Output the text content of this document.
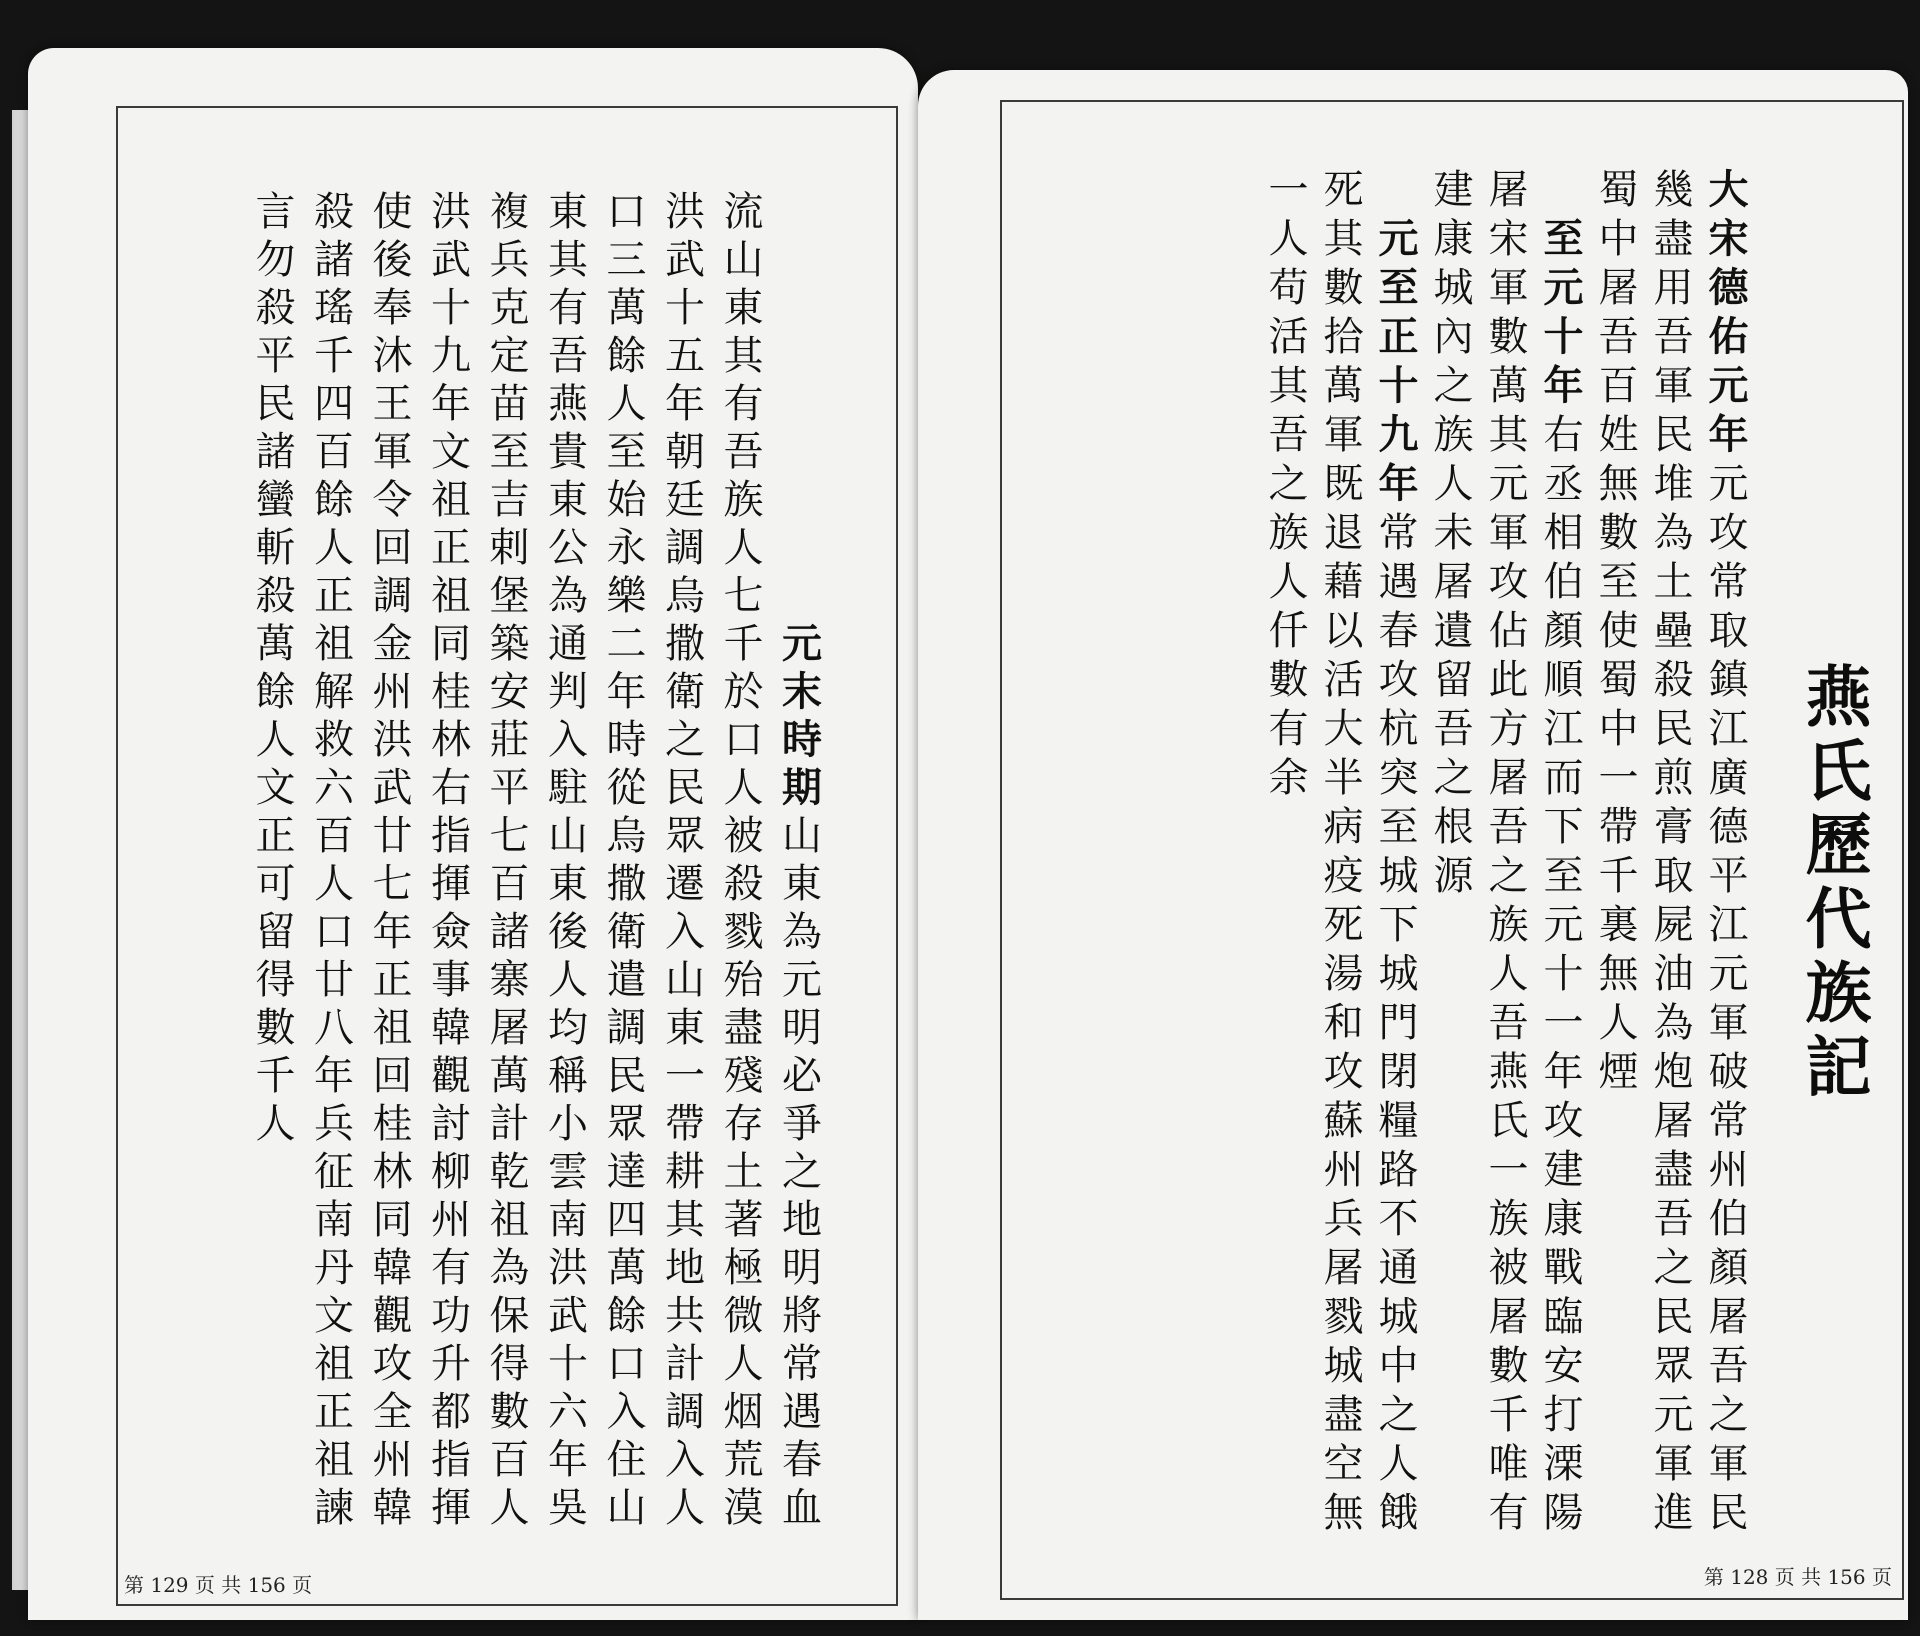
元末時期山東為元明必爭之地明將常遇春血流山東其有吾族人七千於口人被殺戮殆盡殘存土著極微人烟荒漠洪武十五年朝廷調烏撒衛之民眾遷入山東一帶耕其地共計調入人口三萬餘人至始永樂二年時從烏撒衛遣調民眾達四萬餘口入住山東其有吾燕貴東公為通判入駐山東後人均稱小雲南洪武十六年吳複兵克定苗至吉剌堡築安莊平七百諸寨屠萬計乾祖為保得數百人洪武十九年文祖正祖同桂林右指揮僉事韓觀討柳州有功升都指揮使後奉沐王軍令回調金州洪武廿七年正祖回桂林同韓觀攻全州韓殺諸瑤千四百餘人正祖解救六百人口廿八年兵征南丹文祖正祖諫言勿殺平民諸蠻斬殺萬餘人文正可留得數千人

第 129 页 共 156 页
燕氏歷代族記
大宋德佑元年元攻常取鎮江廣德平江元軍破常州伯顏屠吾之軍民幾盡用吾軍民堆為土壘殺民煎膏取屍油為炮屠盡吾之民眾元軍進蜀中屠吾百姓無數至使蜀中一帶千裏無人煙
　至元十年右丞相伯顏順江而下至元十一年攻建康戰臨安打溧陽屠宋軍數萬其元軍攻佔此方屠吾之族人吾燕氏一族被屠數千唯有建康城內之族人未屠遺留吾之根源
　元至正十九年常遇春攻杭突至城下城門閉糧路不通城中之人餓死其數拾萬軍既退藉以活大半病疫死湯和攻蘇州兵屠戮城盡空無一人苟活其吾之族人仟數有余
第 128 页 共 156 页
